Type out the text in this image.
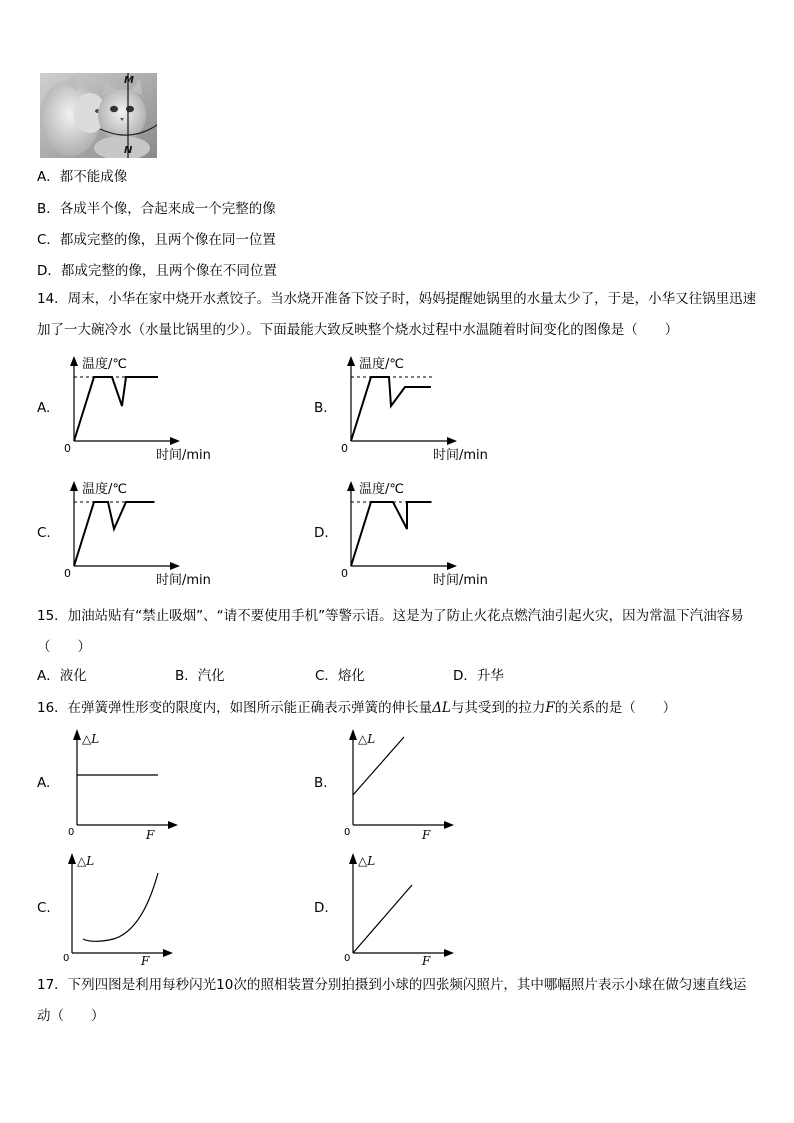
M
N
A．都不能成像
B．各成半个像，合起来成一个完整的像
C．都成完整的像，且两个像在同一位置
D．都成完整的像，且两个像在不同位置
14．周末，小华在家中烧开水煮饺子。当水烧开准备下饺子时，妈妈提醒她锅里的水量太少了，于是，小华又往锅里迅速加了一大碗冷水（水量比锅里的少）。下面最能大致反映整个烧水过程中水温随着时间变化的图像是（　　）
A.
温度/℃
0	时间/min
B.
温度/℃
0	时间/min
C.
温度/℃
0	时间/min
D.
温度/℃
0	时间/min
15．加油站贴有“禁止吸烟”、“请不要使用手机”等警示语。这是为了防止火花点燃汽油引起火灾，因为常温下汽油容易（　　）
A．液化	B．汽化	C．熔化	D．升华
16．在弹簧弹性形变的限度内，如图所示能正确表示弹簧的伸长量ΔL与其受到的拉力F的关系的是（　　）
A.
△L
0	F
B.
△L
0	F
C.
△L
0	F
D.
△L
0	F
17．下列四图是利用每秒闪光10次的照相装置分别拍摄到小球的四张频闪照片，其中哪幅照片表示小球在做匀速直线运动（　　）
